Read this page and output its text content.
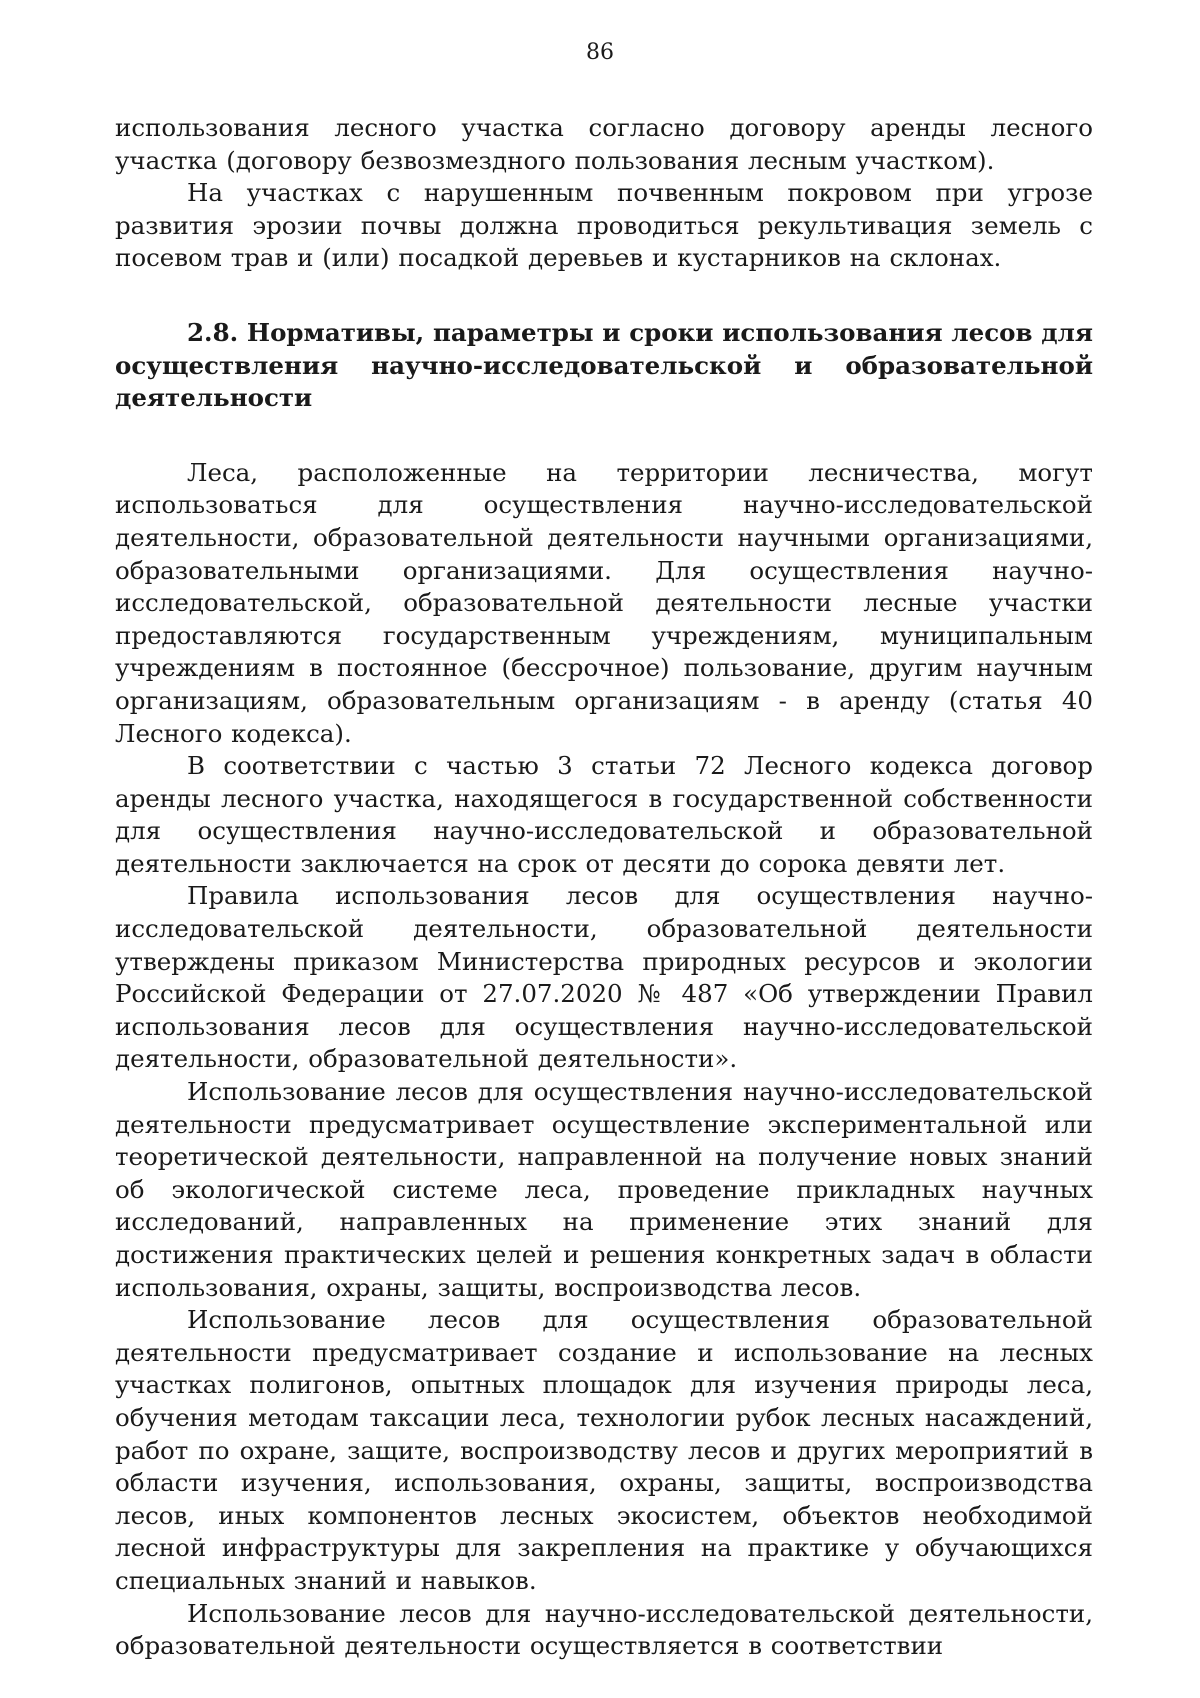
86

использования лесного участка согласно договору аренды лесного участка (договору безвозмездного пользования лесным участком).

На участках с нарушенным почвенным покровом при угрозе развития эрозии почвы должна проводиться рекультивация земель с посевом трав и (или) посадкой деревьев и кустарников на склонах.

2.8. Нормативы, параметры и сроки использования лесов для осуществления научно-исследовательской и образовательной деятельности

Леса, расположенные на территории лесничества, могут использоваться для осуществления научно-исследовательской деятельности, образовательной деятельности научными организациями, образовательными организациями. Для осуществления научно-исследовательской, образовательной деятельности лесные участки предоставляются государственным учреждениям, муниципальным учреждениям в постоянное (бессрочное) пользование, другим научным организациям, образовательным организациям - в аренду (статья 40 Лесного кодекса).

В соответствии с частью 3 статьи 72 Лесного кодекса договор аренды лесного участка, находящегося в государственной собственности для осуществления научно-исследовательской и образовательной деятельности заключается на срок от десяти до сорока девяти лет.

Правила использования лесов для осуществления научно-исследовательской деятельности, образовательной деятельности утверждены приказом Министерства природных ресурсов и экологии Российской Федерации от 27.07.2020 № 487 «Об утверждении Правил использования лесов для осуществления научно-исследовательской деятельности, образовательной деятельности».

Использование лесов для осуществления научно-исследовательской деятельности предусматривает осуществление экспериментальной или теоретической деятельности, направленной на получение новых знаний об экологической системе леса, проведение прикладных научных исследований, направленных на применение этих знаний для достижения практических целей и решения конкретных задач в области использования, охраны, защиты, воспроизводства лесов.

Использование лесов для осуществления образовательной деятельности предусматривает создание и использование на лесных участках полигонов, опытных площадок для изучения природы леса, обучения методам таксации леса, технологии рубок лесных насаждений, работ по охране, защите, воспроизводству лесов и других мероприятий в области изучения, использования, охраны, защиты, воспроизводства лесов, иных компонентов лесных экосистем, объектов необходимой лесной инфраструктуры для закрепления на практике у обучающихся специальных знаний и навыков.

Использование лесов для научно-исследовательской деятельности, образовательной деятельности осуществляется в соответствии
